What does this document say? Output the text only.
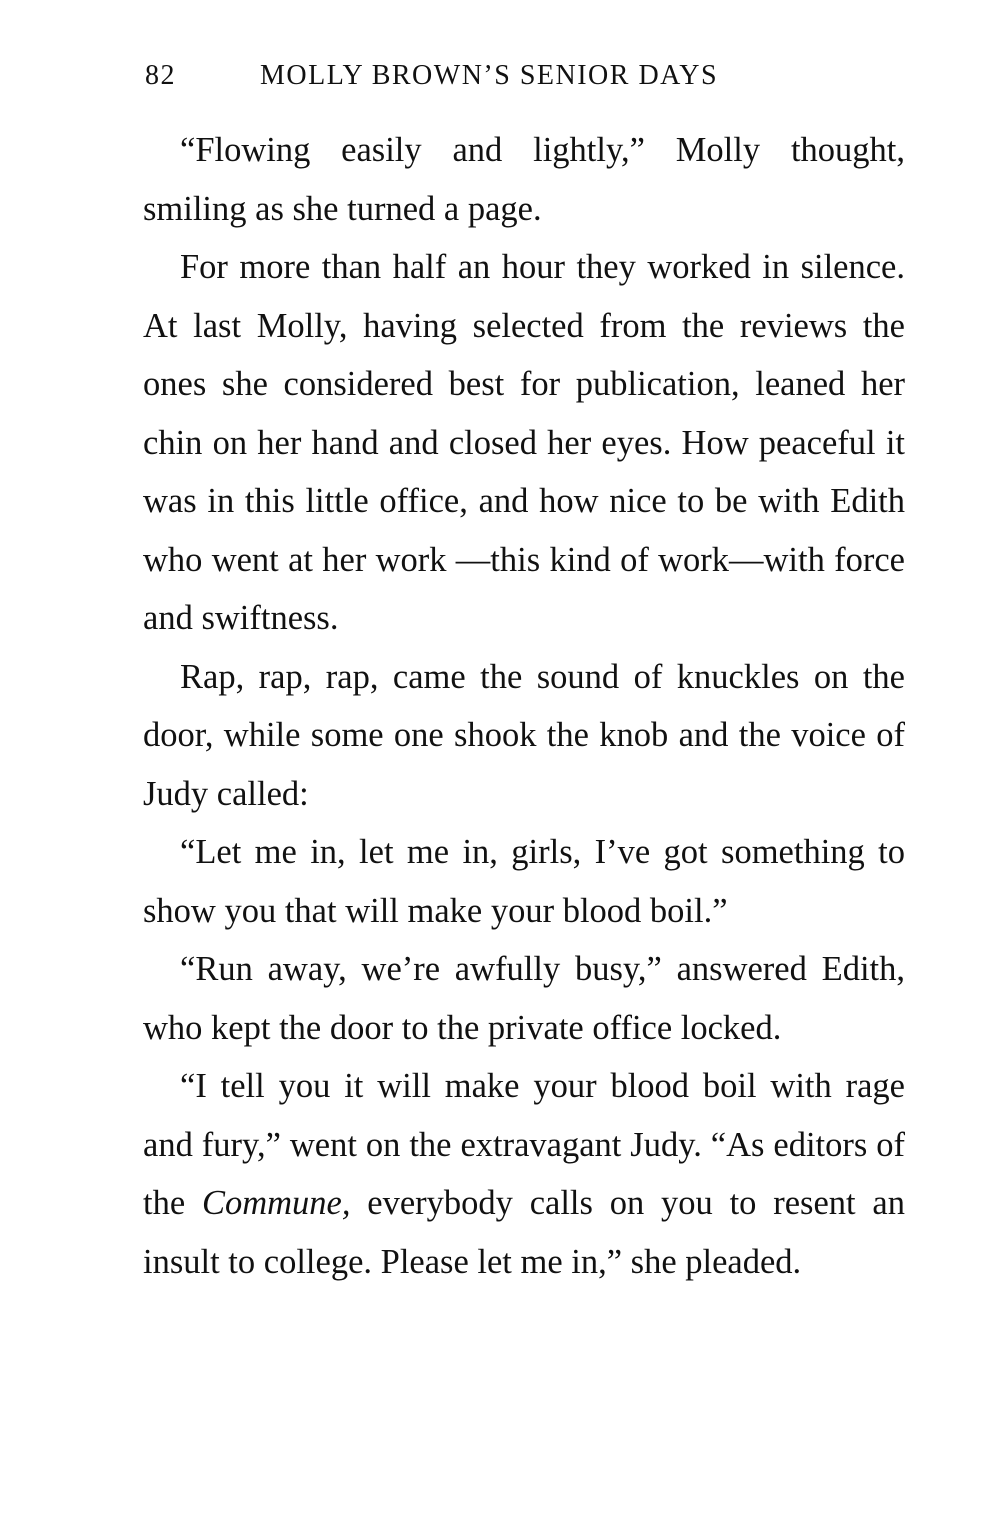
82	MOLLY BROWN’S SENIOR DAYS

“Flowing easily and lightly,” Molly thought, smiling as she turned a page.

For more than half an hour they worked in silence. At last Molly, having selected from the reviews the ones she considered best for publication, leaned her chin on her hand and closed her eyes. How peaceful it was in this little office, and how nice to be with Edith who went at her work —this kind of work—with force and swiftness.

Rap, rap, rap, came the sound of knuckles on the door, while some one shook the knob and the voice of Judy called:

“Let me in, let me in, girls, I’ve got something to show you that will make your blood boil.”

“Run away, we’re awfully busy,” answered Edith, who kept the door to the private office locked.

“I tell you it will make your blood boil with rage and fury,” went on the extravagant Judy. “As editors of the Commune, everybody calls on you to resent an insult to college. Please let me in,” she pleaded.
